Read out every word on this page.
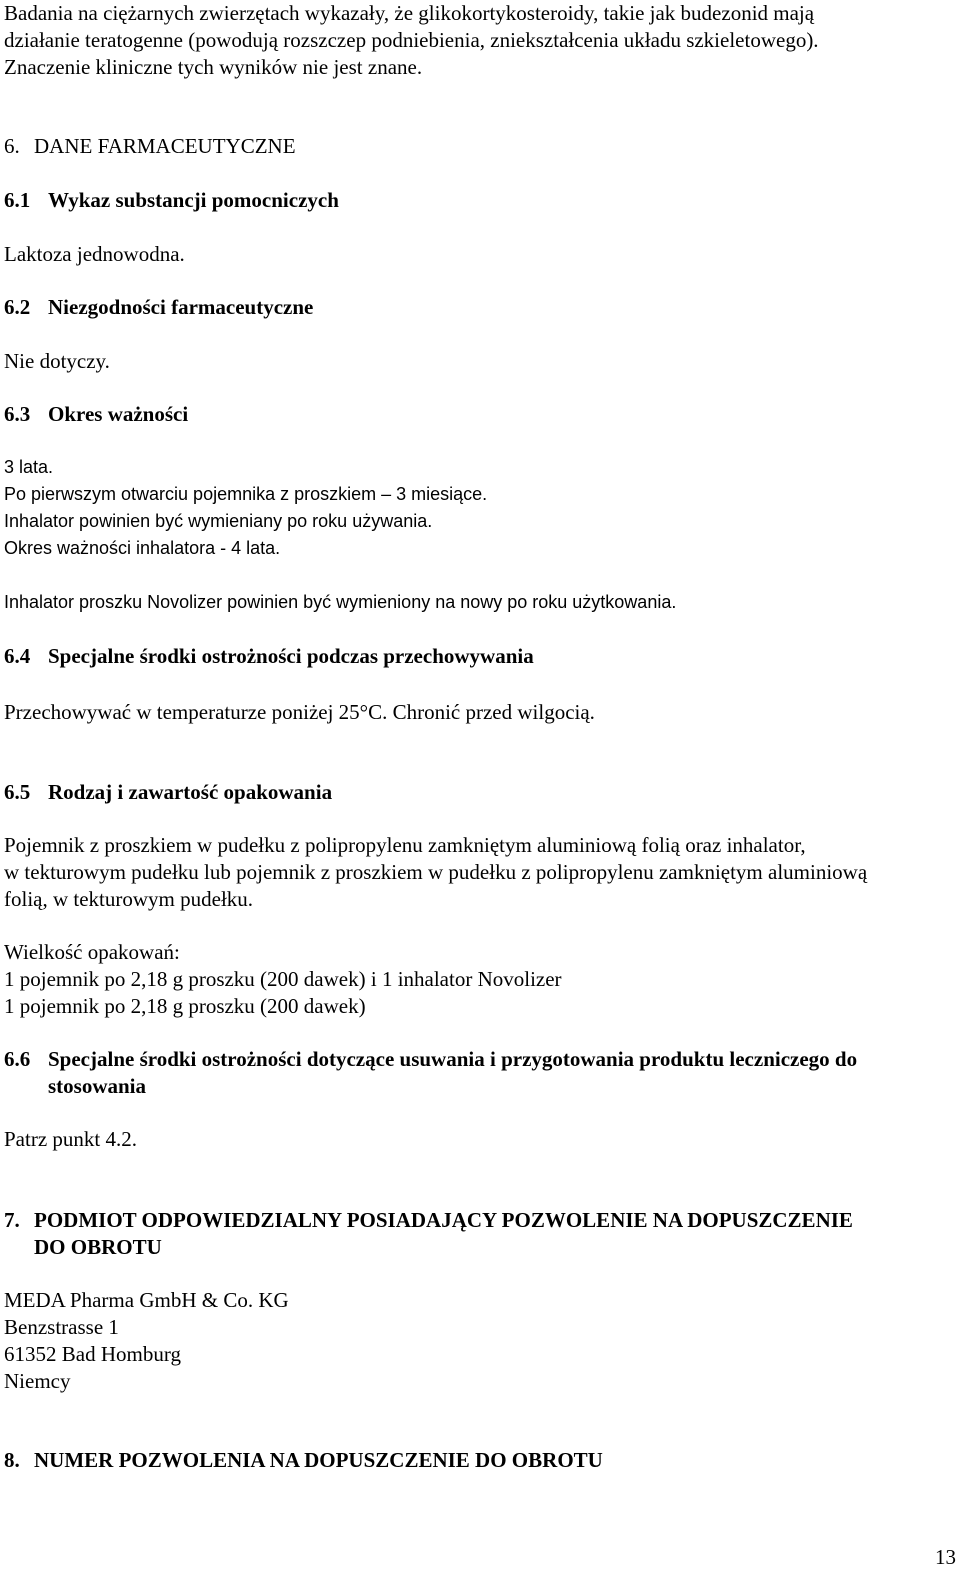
Badania na ciężarnych zwierzętach wykazały, że glikokortykosteroidy, takie jak budezonid mają
działanie teratogenne (powodują rozszczep podniebienia, zniekształcenia układu szkieletowego).
Znaczenie kliniczne tych wyników nie jest znane.
6. DANE FARMACEUTYCZNE
6.1 Wykaz substancji pomocniczych

Laktoza jednowodna.

6.2 Niezgodności farmaceutyczne

Nie dotyczy.

6.3 Okres ważności
3 lata.
Po pierwszym otwarciu pojemnika z proszkiem – 3 miesiące.
Inhalator powinien być wymieniany po roku używania.
Okres ważności inhalatora - 4 lata.

Inhalator proszku Novolizer powinien być wymieniony na nowy po roku użytkowania.

6.4 Specjalne środki ostrożności podczas przechowywania

Przechowywać w temperaturze poniżej 25°C. Chronić przed wilgocią.

6.5 Rodzaj i zawartość opakowania
Pojemnik z proszkiem w pudełku z polipropylenu zamkniętym aluminiową folią oraz inhalator,
w tekturowym pudełku lub pojemnik z proszkiem w pudełku z polipropylenu zamkniętym aluminiową
folią, w tekturowym pudełku.
Wielkość opakowań:
1 pojemnik po 2,18 g proszku (200 dawek) i 1 inhalator Novolizer
1 pojemnik po 2,18 g proszku (200 dawek)
6.6 Specjalne środki ostrożności dotyczące usuwania i przygotowania produktu leczniczego do
stosowania

Patrz punkt 4.2.

7. PODMIOT ODPOWIEDZIALNY POSIADAJĄCY POZWOLENIE NA DOPUSZCZENIE
DO OBROTU
MEDA Pharma GmbH & Co. KG
Benzstrasse 1
61352 Bad Homburg
Niemcy
8. NUMER POZWOLENIA NA DOPUSZCZENIE DO OBROTU
13
